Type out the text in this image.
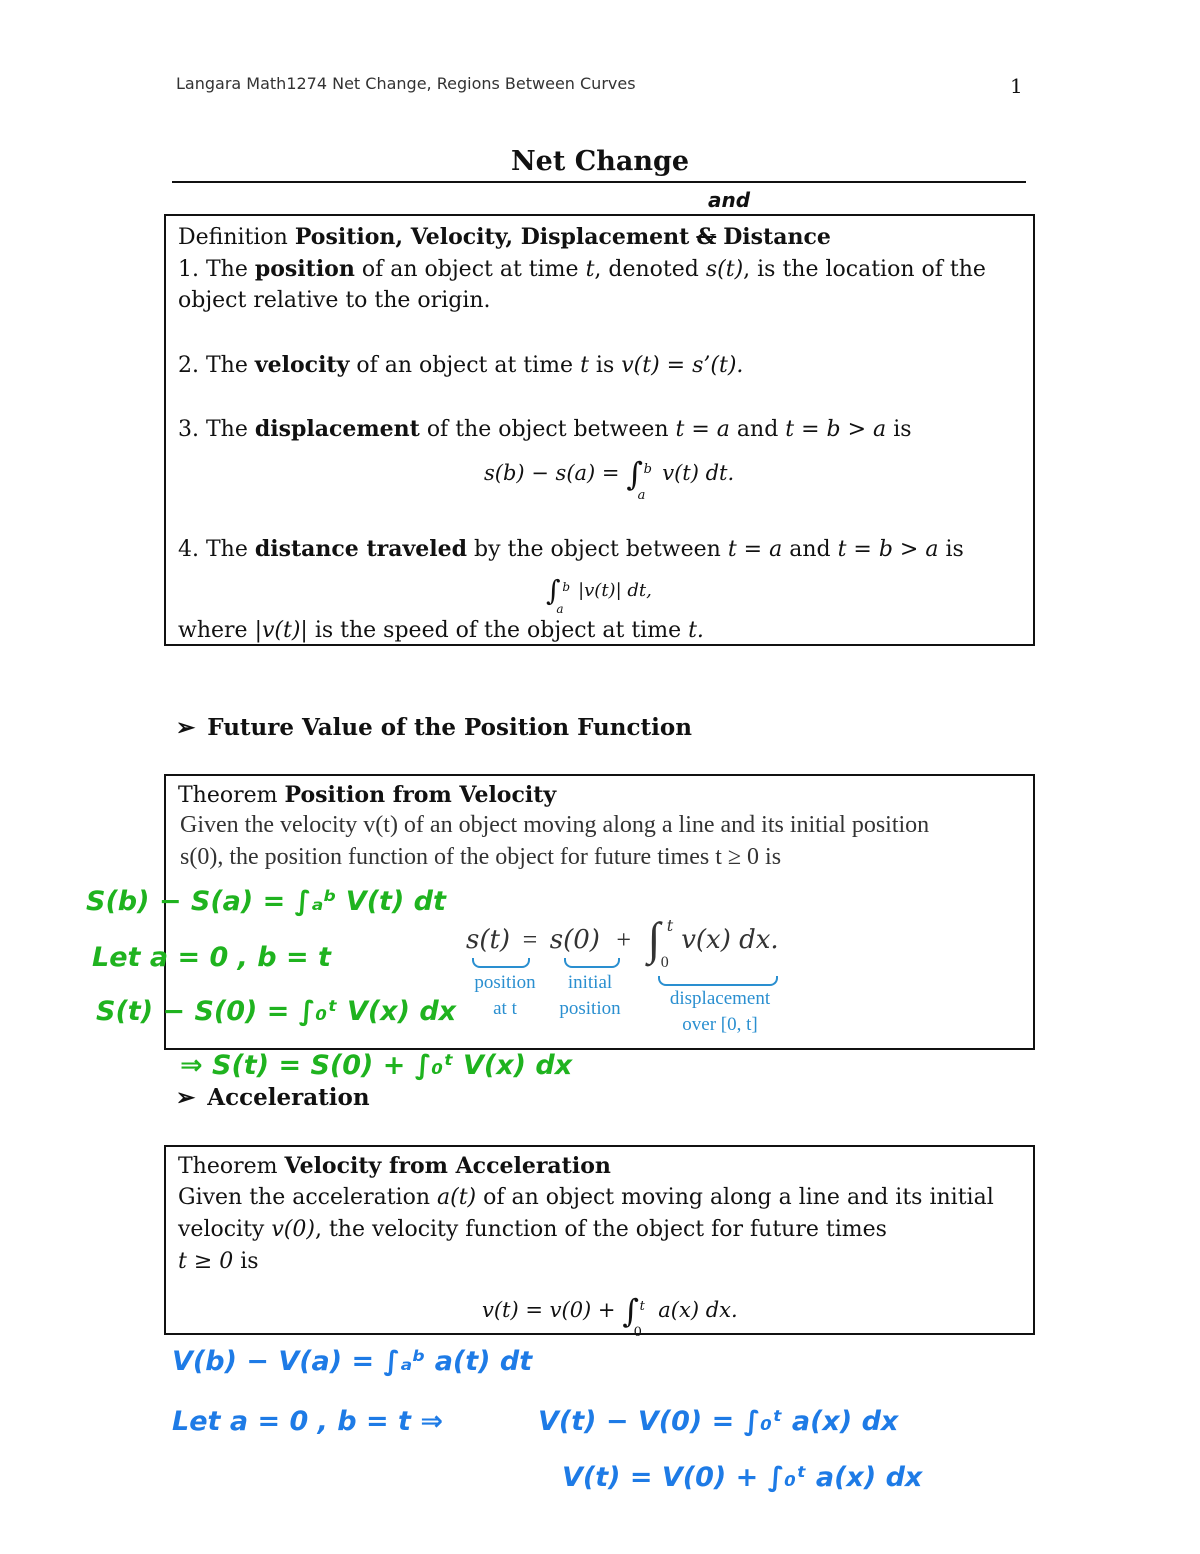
Langara Math1274 Net Change, Regions Between Curves	1
Net Change
and
Definition Position, Velocity, Displacement & Distance
1. The position of an object at time t, denoted s(t), is the location of the
object relative to the origin.
2. The velocity of an object at time t is v(t) = s’(t).
3. The displacement of the object between t = a and t = b > a is
s(b) − s(a) = ∫ b
a
v(t) dt.
4. The distance traveled by the object between t = a and t = b > a is
∫ b
a
|v(t)| dt,
where |v(t)| is the speed of the object at time t.
➢ Future Value of the Position Function
Theorem Position from Velocity
Given the velocity v(t) of an object moving along a line and its initial position
s(0), the position function of the object for future times t ≥ 0 is
s(t) = s(0) + ∫ t
0
v(x) dx.
position
at t
initial
position	displacement
over [0, t]
S(b) − S(a) = ∫ₐᵇ V(t) dt
Let a = 0 , b = t
S(t) − S(0) = ∫₀ᵗ V(x) dx
⇒ S(t) = S(0) + ∫₀ᵗ V(x) dx
➢ Acceleration
Theorem Velocity from Acceleration
Given the acceleration a(t) of an object moving along a line and its initial
velocity v(0), the velocity function of the object for future times
t ≥ 0 is
v(t) = v(0) + ∫ t
0
a(x) dx.
V(b) − V(a) = ∫ₐᵇ a(t) dt
Let a = 0 , b = t ⇒	V(t) − V(0) = ∫₀ᵗ a(x) dx
V(t) = V(0) + ∫₀ᵗ a(x) dx
